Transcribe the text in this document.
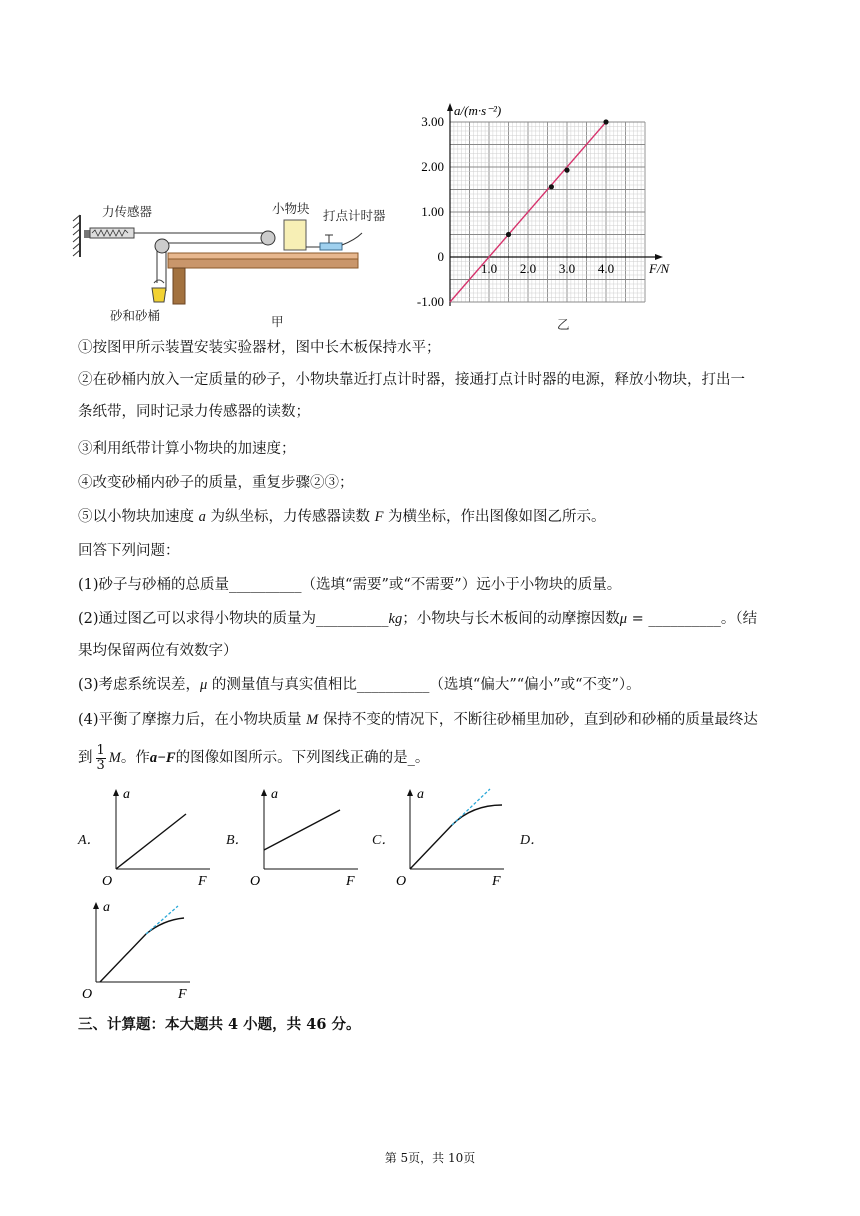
力传感器	小物块 打点计时器
砂和砂桶	甲
3.00
2.00
1.00
-1.00
0
1.0 2.0 3.0 4.0
a/(m·s⁻²)
F/N
乙
①按图甲所示装置安装实验器材，图中长木板保持水平；
②在砂桶内放入一定质量的砂子，小物块靠近打点计时器，接通打点计时器的电源，释放小物块，打出一
条纸带，同时记录力传感器的读数；
③利用纸带计算小物块的加速度；
④改变砂桶内砂子的质量，重复步骤②③；
⑤以小物块加速度 a 为纵坐标，力传感器读数 F 为横坐标，作出图像如图乙所示。
回答下列问题：
(1)砂子与砂桶的总质量__________（选填“需要”或“不需要”）远小于小物块的质量。
(2)通过图乙可以求得小物块的质量为__________kg；小物块与长木板间的动摩擦因数μ = __________。（结
果均保留两位有效数字）
(3)考虑系统误差，μ 的测量值与真实值相比__________（选填“偏大”“偏小”或“不变”）。
(4)平衡了摩擦力后，在小物块质量 M 保持不变的情况下，不断往砂桶里加砂，直到砂和砂桶的质量最终达
到 $\frac{1}{3}$ M。作a−F的图像如图所示。下列图线正确的是_。
A．	B．	C．	D．
a
F
O
a
F
O
a
F
O
a
F
O
三、计算题：本大题共 4 小题，共 46 分。
第 5页，共 10页
